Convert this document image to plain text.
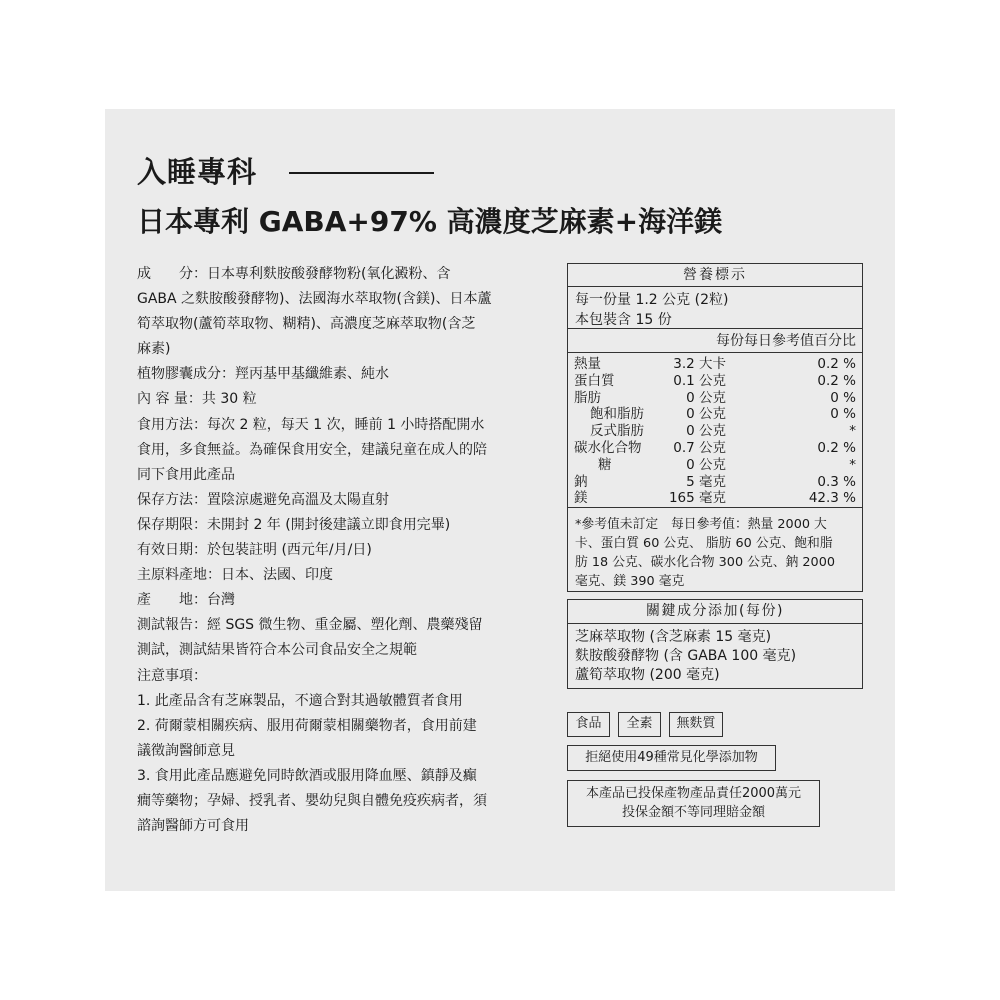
入睡專科
日本專利 GABA+97% 高濃度芝麻素+海洋鎂
成　　分：日本專利麩胺酸發酵物粉(氧化澱粉、含
GABA 之麩胺酸發酵物)、法國海水萃取物(含鎂)、日本蘆
筍萃取物(蘆筍萃取物、糊精)、高濃度芝麻萃取物(含芝
麻素)
植物膠囊成分：羥丙基甲基纖維素、純水
內 容 量：共 30 粒
食用方法：每次 2 粒，每天 1 次，睡前 1 小時搭配開水
食用，多食無益。為確保食用安全，建議兒童在成人的陪
同下食用此產品
保存方法：置陰涼處避免高溫及太陽直射
保存期限：未開封 2 年 (開封後建議立即食用完畢)
有效日期：於包裝註明 (西元年/月/日)
主原料產地：日本、法國、印度
產　　地：台灣
測試報告：經 SGS 微生物、重金屬、塑化劑、農藥殘留
測試，測試結果皆符合本公司食品安全之規範
注意事項：
1. 此產品含有芝麻製品，不適合對其過敏體質者食用
2. 荷爾蒙相關疾病、服用荷爾蒙相關藥物者，食用前建
議徵詢醫師意見
3. 食用此產品應避免同時飲酒或服用降血壓、鎮靜及癲
癇等藥物；孕婦、授乳者、嬰幼兒與自體免疫疾病者，須
諮詢醫師方可食用
營養標示
每一份量 1.2 公克 (2粒)
本包裝含 15 份
每份每日參考值百分比
熱量	3.2 大卡	0.2 %
蛋白質	0.1 公克	0.2 %
脂肪	0 公克	0 %
飽和脂肪	0 公克	0 %
反式脂肪	0 公克	*
碳水化合物	0.7 公克	0.2 %
糖	0 公克	*
鈉	5 毫克	0.3 %
鎂	165 毫克	42.3 %
*參考值未訂定　每日參考值：熱量 2000 大
卡、蛋白質 60 公克、 脂肪 60 公克、飽和脂
肪 18 公克、碳水化合物 300 公克、鈉 2000
毫克、鎂 390 毫克
關鍵成分添加(每份)
芝麻萃取物 (含芝麻素 15 毫克)
麩胺酸發酵物 (含 GABA 100 毫克)
蘆筍萃取物 (200 毫克)
食品	全素	無麩質
拒絕使用49種常見化學添加物
本產品已投保產物產品責任2000萬元
投保金額不等同理賠金額
